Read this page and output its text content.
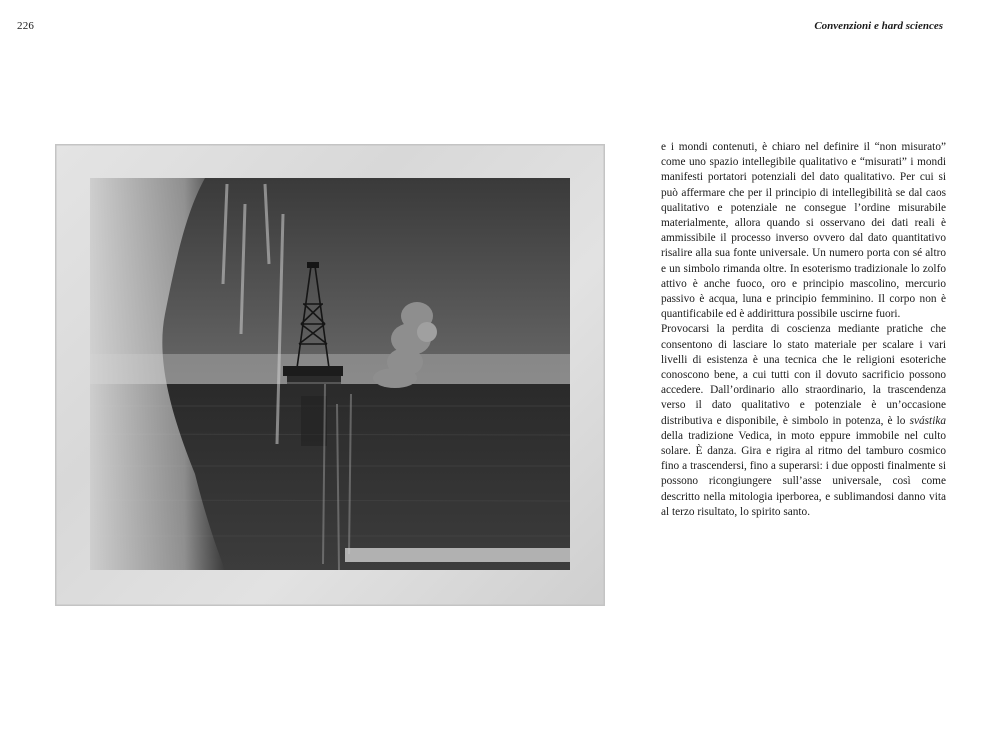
226	Convenzioni e hard sciences

e i mondi contenuti, è chiaro nel definire il “non misurato” come uno spazio intellegibile qualitativo e “misurati” i mondi manifesti portatori potenziali del dato qualitativo. Per cui si può affermare che per il principio di intellegibilità se dal caos qualitativo e potenziale ne consegue l’ordine misurabile materialmente, allora quando si osservano dei dati reali è ammissibile il processo inverso ovvero dal dato quantitativo risalire alla sua fonte universale. Un numero porta con sé altro e un simbolo rimanda oltre. In esoterismo tradizionale lo zolfo attivo è anche fuoco, oro e principio mascolino, mercurio passivo è acqua, luna e principio femminino. Il corpo non è quantificabile ed è addirittura possibile uscirne fuori.

Provocarsi la perdita di coscienza mediante pratiche che consentono di lasciare lo stato materiale per scalare i vari livelli di esistenza è una tecnica che le religioni esoteriche conoscono bene, a cui tutti con il dovuto sacrificio possono accedere. Dall’ordinario allo straordinario, la trascendenza verso il dato qualitativo e potenziale è un’occasione distributiva e disponibile, è simbolo in potenza, è lo svástika della tradizione Vedica, in moto eppure immobile nel culto solare. È danza. Gira e rigira al ritmo del tamburo cosmico fino a trascendersi, fino a superarsi: i due opposti finalmente si possono ricongiungere sull’asse universale, così come descritto nella mitologia iperborea, e sublimandosi danno vita al terzo risultato, lo spirito santo.
